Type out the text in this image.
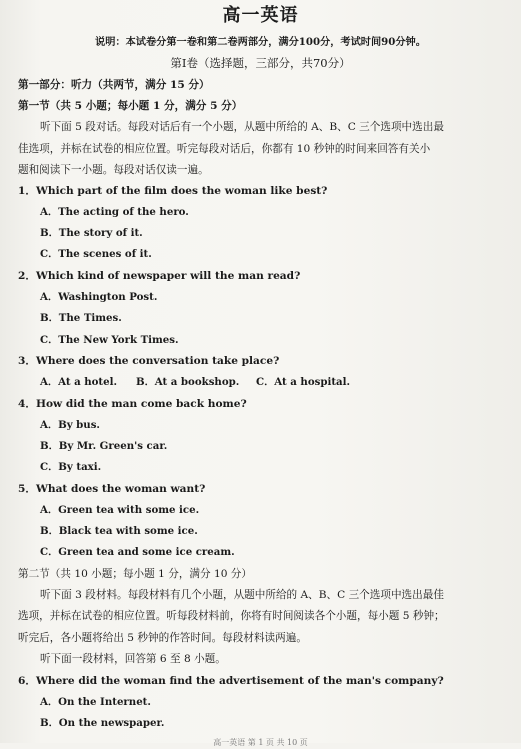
高一英语
说明：本试卷分第一卷和第二卷两部分，满分100分，考试时间90分钟。
第I卷（选择题，三部分，共70分）
第一部分：听力（共两节，满分 15 分）
第一节（共 5 小题；每小题 1 分，满分 5 分）
听下面 5 段对话。每段对话后有一个小题，从题中所给的 A、B、C 三个选项中选出最
佳选项，并标在试卷的相应位置。听完每段对话后，你都有 10 秒钟的时间来回答有关小
题和阅读下一小题。每段对话仅读一遍。
1．Which part of the film does the woman like best?
A．The acting of the hero.
B．The story of it.
C．The scenes of it.
2．Which kind of newspaper will the man read?
A．Washington Post.
B．The Times.
C．The New York Times.
3．Where does the conversation take place?
A．At a hotel. B．At a bookshop. C．At a hospital.
4．How did the man come back home?
A．By bus.
B．By Mr. Green's car.
C．By taxi.
5．What does the woman want?
A．Green tea with some ice.
B．Black tea with some ice.
C．Green tea and some ice cream.
第二节（共 10 小题；每小题 1 分，满分 10 分）
听下面 3 段材料。每段材料有几个小题，从题中所给的 A、B、C 三个选项中选出最佳
选项，并标在试卷的相应位置。听每段材料前，你将有时间阅读各个小题，每小题 5 秒钟；
听完后，各小题将给出 5 秒钟的作答时间。每段材料读两遍。
听下面一段材料，回答第 6 至 8 小题。
6．Where did the woman find the advertisement of the man's company?
A．On the Internet.
B．On the newspaper.
高一英语 第 1 页 共 10 页
